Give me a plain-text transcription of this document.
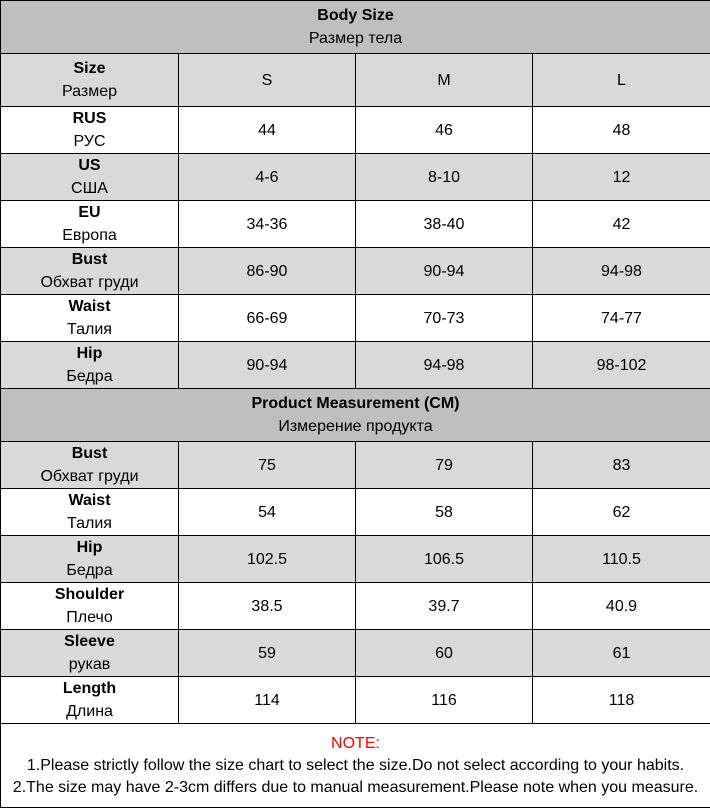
Body Size
Размер тела			

Size
Размер	S	M	L

RUS
РУС	44	46	48

US
США	4-6	8-10	12

EU
Европа	34-36	38-40	42

Bust
Обхват груди	86-90	90-94	94-98

Waist
Талия	66-69	70-73	74-77

Hip
Бедра	90-94	94-98	98-102

Product Measurement (CM)
Измерение продукта			

Bust
Обхват груди	75	79	83

Waist
Талия	54	58	62

Hip
Бедра	102.5	106.5	110.5

Shoulder
Плечо	38.5	39.7	40.9

Sleeve
рукав	59	60	61

Length
Длина	114	116	118

NOTE:
1.Please strictly follow the size chart to select the size.Do not select according to your habits.
2.The size may have 2-3cm differs due to manual measurement.Please note when you measure.			
